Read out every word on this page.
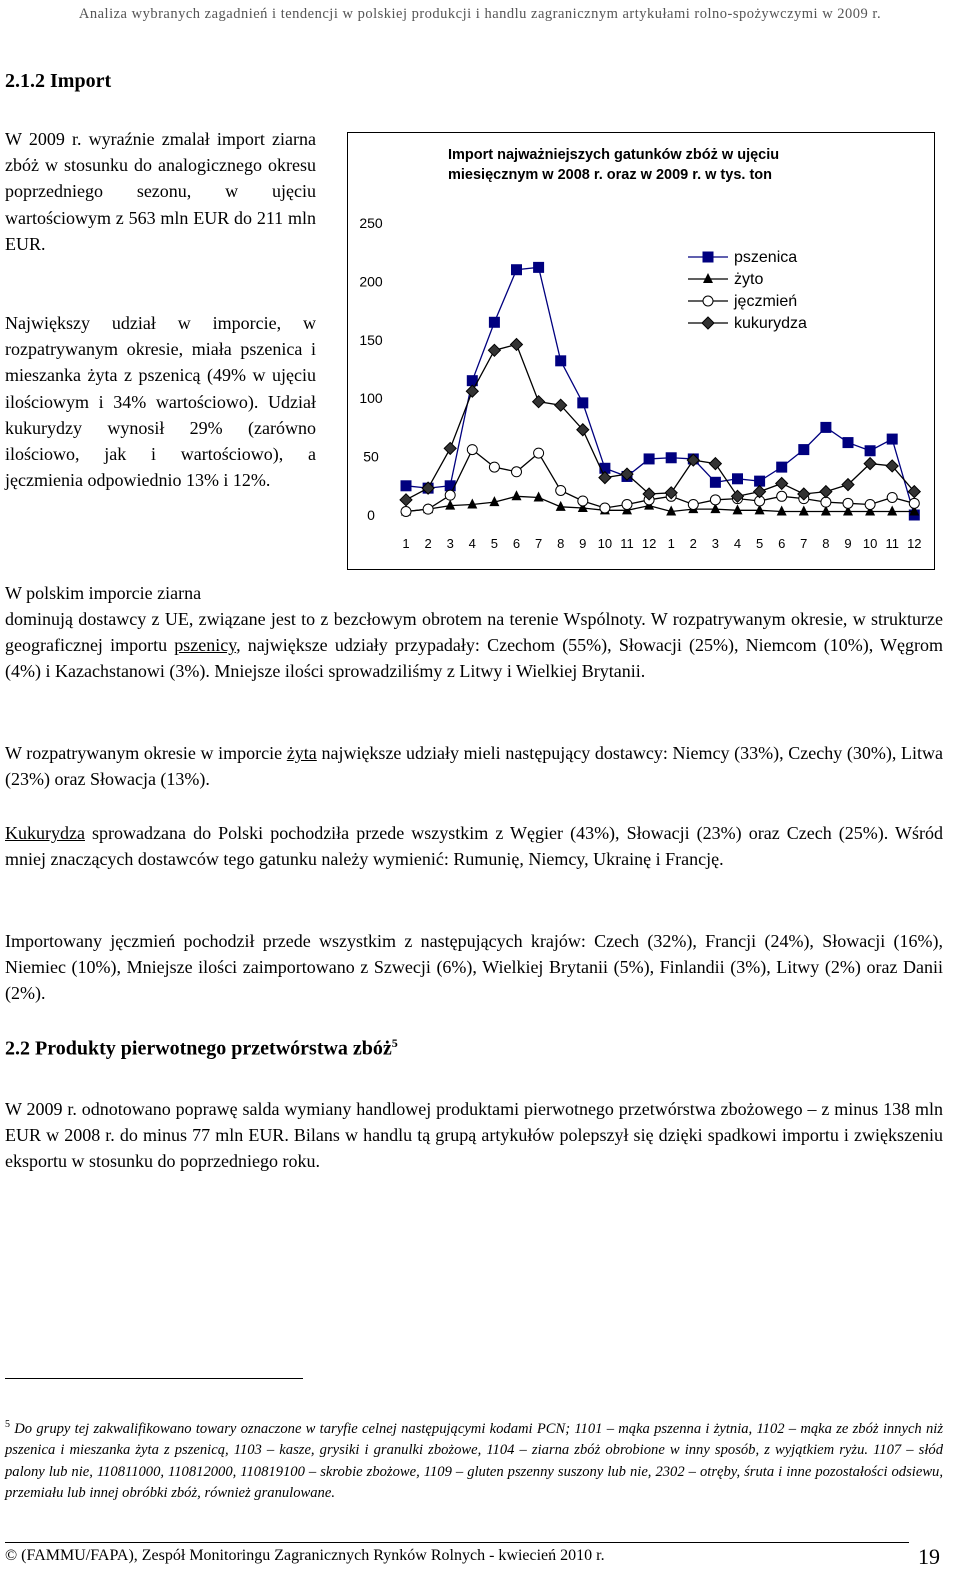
Analiza wybranych zagadnień i tendencji w polskiej produkcji i handlu zagranicznym artykułami rolno-spożywczymi w 2009 r.
2.1.2 Import
W 2009 r. wyraźnie zmalał import ziarna zbóż w stosunku do analogicznego okresu poprzedniego sezonu, w ujęciu wartościowym z 563 mln EUR do 211 mln EUR.
Największy udział w imporcie, w rozpatrywanym okresie, miała pszenica i mieszanka żyta z pszenicą (49% w ujęciu ilościowym i 34% wartościowo). Udział kukurydzy wynosił 29% (zarówno ilościowo, jak i wartościowo), a jęczmienia odpowiednio 13% i 12%.
Import najważniejszych gatunków zbóż w ujęciu
miesięcznym w 2008 r. oraz w 2009 r. w tys. ton
0
50
100
150
200
250
1 2 3 4 5 6 7 8 9 10 11 12 1 2 3 4 5 6 7 8 9 10 11 12
pszenica
żyto
jęczmień
kukurydza
W polskim imporcie ziarna
dominują dostawcy z UE, związane jest to z bezcłowym obrotem na terenie Wspólnoty. W rozpatrywanym okresie, w strukturze geograficznej importu pszenicy, największe udziały przypadały: Czechom (55%), Słowacji (25%), Niemcom (10%), Węgrom (4%) i Kazachstanowi (3%). Mniejsze ilości sprowadziliśmy z Litwy i Wielkiej Brytanii.
W rozpatrywanym okresie w imporcie żyta największe udziały mieli następujący dostawcy: Niemcy (33%), Czechy (30%), Litwa (23%) oraz Słowacja (13%).
Kukurydza sprowadzana do Polski pochodziła przede wszystkim z Węgier (43%), Słowacji (23%) oraz Czech (25%). Wśród mniej znaczących dostawców tego gatunku należy wymienić: Rumunię, Niemcy, Ukrainę i Francję.
Importowany jęczmień pochodził przede wszystkim z następujących krajów: Czech (32%), Francji (24%), Słowacji (16%), Niemiec (10%), Mniejsze ilości zaimportowano z Szwecji (6%), Wielkiej Brytanii (5%), Finlandii (3%), Litwy (2%) oraz Danii (2%).
2.2 Produkty pierwotnego przetwórstwa zbóż$^5$
W 2009 r. odnotowano poprawę salda wymiany handlowej produktami pierwotnego przetwórstwa zbożowego – z minus 138 mln EUR w 2008 r. do minus 77 mln EUR. Bilans w handlu tą grupą artykułów polepszył się dzięki spadkowi importu i zwiększeniu eksportu w stosunku do poprzedniego roku.
$^5$ Do grupy tej zakwalifikowano towary oznaczone w taryfie celnej następującymi kodami PCN; 1101 – mąka pszenna i żytnia, 1102 – mąka ze zbóż innych niż pszenica i mieszanka żyta z pszenicą, 1103 – kasze, grysiki i granulki zbożowe, 1104 – ziarna zbóż obrobione w inny sposób, z wyjątkiem ryżu. 1107 – słód palony lub nie, 110811000, 110812000, 110819100 – skrobie zbożowe, 1109 – gluten pszenny suszony lub nie, 2302 – otręby, śruta i inne pozostałości odsiewu, przemiału lub innej obróbki zbóż, również granulowane.
© (FAMMU/FAPA), Zespół Monitoringu Zagranicznych Rynków Rolnych - kwiecień 2010 r.	19
